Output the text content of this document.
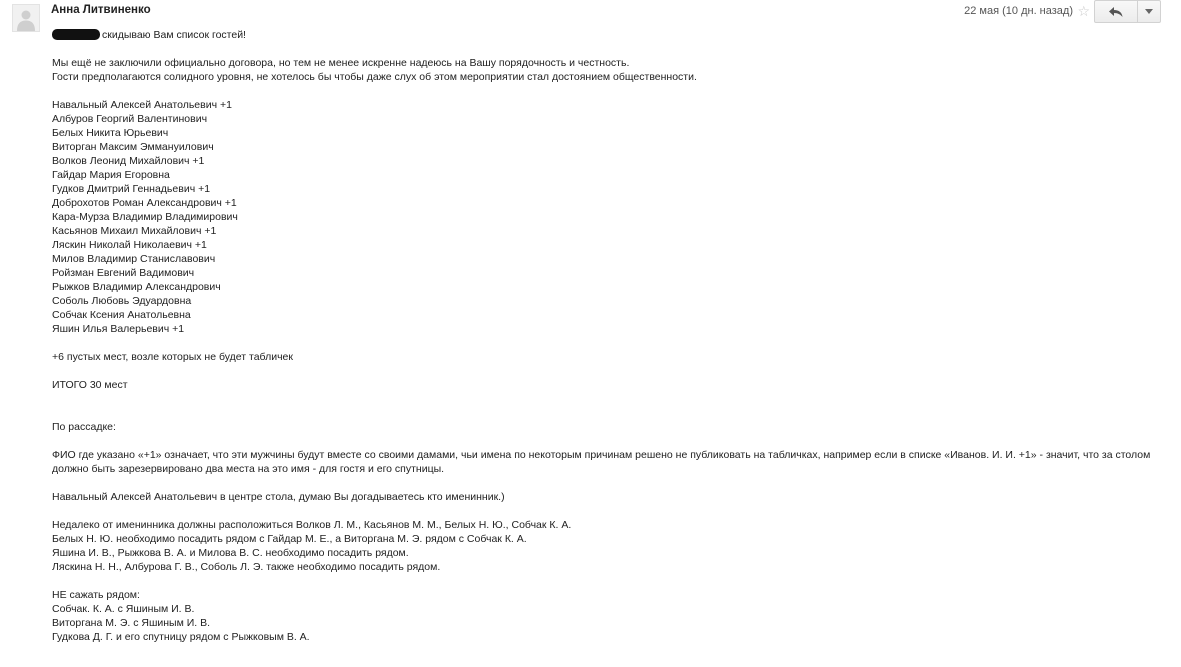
Анна Литвиненко	22 мая (10 дн. назад) ☆
скидываю Вам список гостей!
Мы ещё не заключили официально договора, но тем не менее искренне надеюсь на Вашу порядочность и честность.
Гости предполагаются солидного уровня, не хотелось бы чтобы даже слух об этом мероприятии стал достоянием общественности.
Навальный Алексей Анатольевич +1
Албуров Георгий Валентинович
Белых Никита Юрьевич
Виторган Максим Эммануилович
Волков Леонид Михайлович +1
Гайдар Мария Егоровна
Гудков Дмитрий Геннадьевич +1
Доброхотов Роман Александрович +1
Кара-Мурза Владимир Владимирович
Касьянов Михаил Михайлович +1
Ляскин Николай Николаевич +1
Милов Владимир Станиславович
Ройзман Евгений Вадимович
Рыжков Владимир Александрович
Соболь Любовь Эдуардовна
Собчак Ксения Анатольевна
Яшин Илья Валерьевич +1
+6 пустых мест, возле которых не будет табличек
ИТОГО 30 мест
По рассадке:
ФИО где указано «+1» означает, что эти мужчины будут вместе со своими дамами, чьи имена по некоторым причинам решено не публиковать на табличках, например если в списке «Иванов. И. И. +1» - значит, что за столом должно быть зарезервировано два места на это имя - для гостя и его спутницы.
Навальный Алексей Анатольевич в центре стола, думаю Вы догадываетесь кто именинник.)
Недалеко от именинника должны расположиться Волков Л. М., Касьянов М. М., Белых Н. Ю., Собчак К. А.
Белых Н. Ю. необходимо посадить рядом с Гайдар М. Е., а Виторгана М. Э. рядом с Собчак К. А.
Яшина И. В., Рыжкова В. А. и Милова В. С. необходимо посадить рядом.
Ляскина Н. Н., Албурова Г. В., Соболь Л. Э. также необходимо посадить рядом.
НЕ сажать рядом:
Собчак. К. А. с Яшиным И. В.
Виторгана М. Э. с Яшиным И. В.
Гудкова Д. Г. и его спутницу рядом с Рыжковым В. А.
